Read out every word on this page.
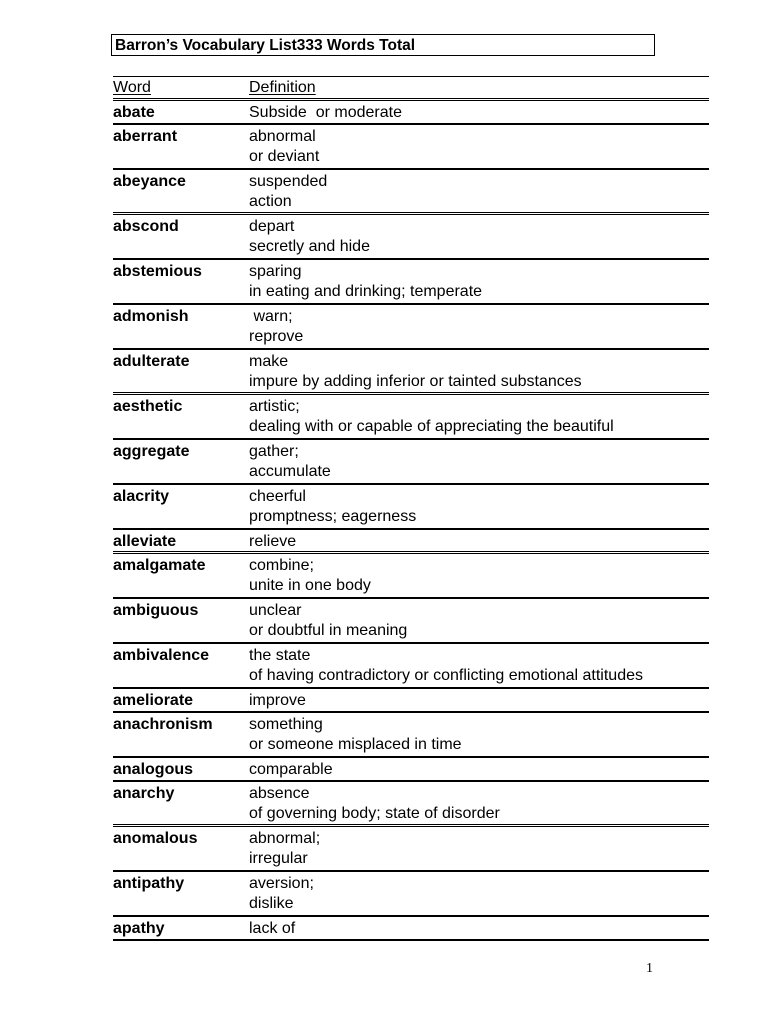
Barron’s Vocabulary List333 Words Total
Word	Definition
abate	Subside  or moderate
aberrant	abnormal
or deviant
abeyance	suspended
action
abscond	depart
secretly and hide
abstemious	sparing
in eating and drinking; temperate
admonish	warn;
reprove
adulterate	make
impure by adding inferior or tainted substances
aesthetic	artistic;
dealing with or capable of appreciating the beautiful
aggregate	gather;
accumulate
alacrity	cheerful
promptness; eagerness
alleviate	relieve
amalgamate	combine;
unite in one body
ambiguous	unclear
or doubtful in meaning
ambivalence the state
of having contradictory or conflicting emotional attitudes
ameliorate	improve
anachronism something
or someone misplaced in time
analogous	comparable
anarchy	absence
of governing body; state of disorder
anomalous	abnormal;
irregular
antipathy	aversion;
dislike
apathy	lack of
1
